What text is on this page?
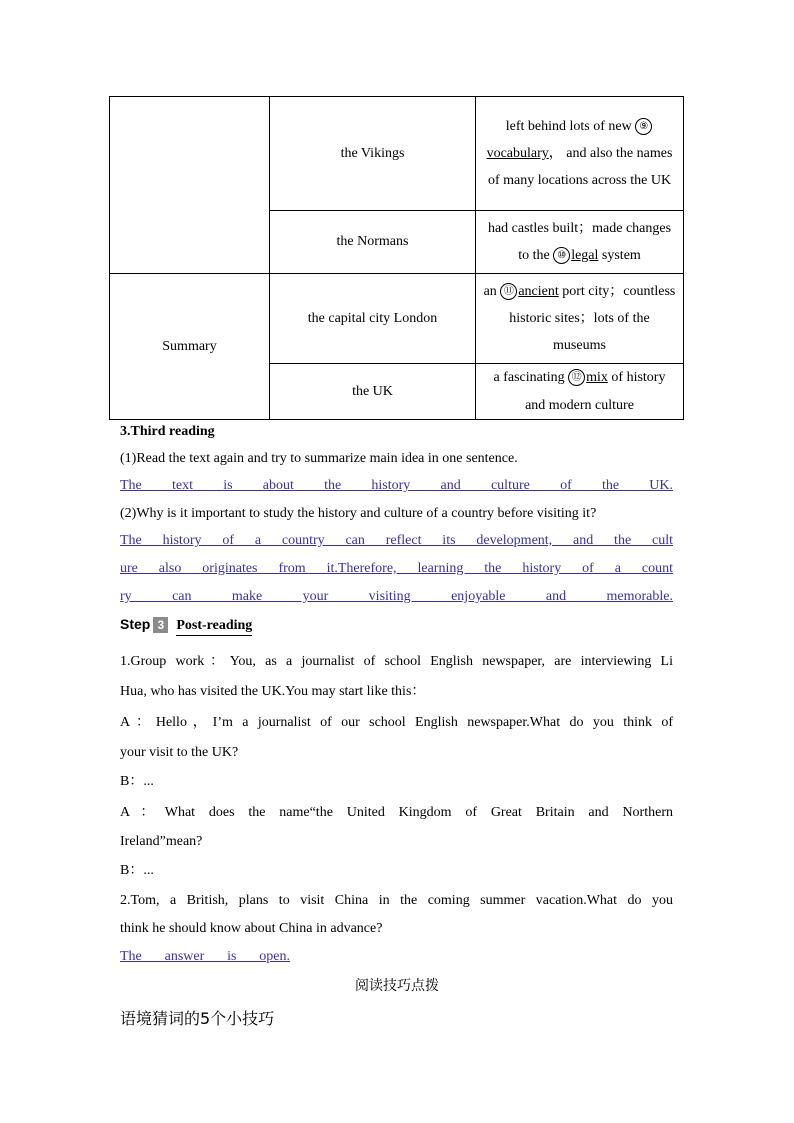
	the Vikings	left behind lots of new ⑨vocabulary， and also the names of many locations across the UK
	the Normans	had castles built；made changes to the ⑩ legal system
Summary	the capital city London	an ⑪ ancient port city；countless historic sites；lots of the museums
	the UK	a fascinating ⑫ mix of history and modern culture
3.Third reading
(1)Read the text again and try to summarize main idea in one sentence.
The text is about the history and culture of the UK.
(2)Why is it important to study the history and culture of a country before visiting it?
The history of a country can reflect its development, and the cult
ure also originates from it.Therefore, learning the history of a count
ry can make your visiting enjoyable and memorable.
Step 3 Post-reading
1.Group work：You, as a journalist of school English newspaper, are interviewing Li
Hua, who has visited the UK.You may start like this：
A：Hello，I’m a journalist of our school English newspaper.What do you think of
your visit to the UK?
B：...
A：What does the name“the United Kingdom of Great Britain and Northern
Ireland”mean?
B：...
2.Tom, a British, plans to visit China in the coming summer vacation.What do you
think he should know about China in advance?
The answer is open.
阅读技巧点拨
语境猜词的5个小技巧
